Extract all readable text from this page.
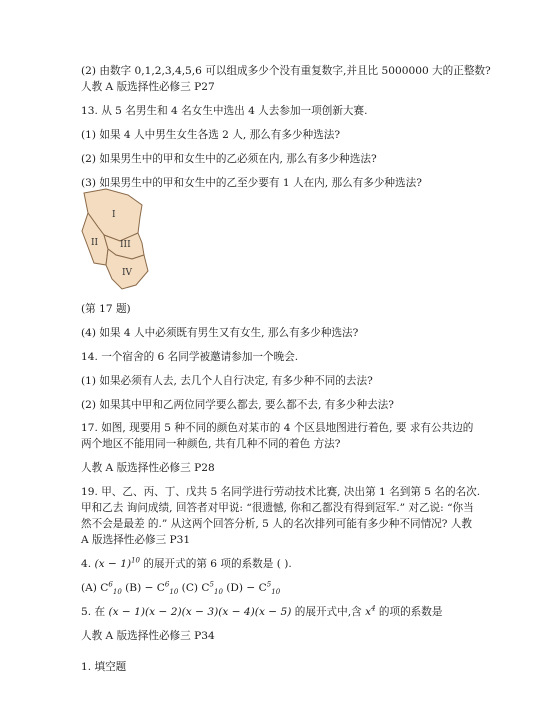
(2) 由数字 0,1,2,3,4,5,6 可以组成多少个没有重复数字,并且比 5000000 大的正整数?
人教 A 版选择性必修三 P27
13. 从 5 名男生和 4 名女生中选出 4 人去参加一项创新大赛.
(1) 如果 4 人中男生女生各选 2 人, 那么有多少种选法?
(2) 如果男生中的甲和女生中的乙必须在内, 那么有多少种选法?
(3) 如果男生中的甲和女生中的乙至少要有 1 人在内, 那么有多少种选法?
I
II III
IV
(第 17 题)
(4) 如果 4 人中必须既有男生又有女生, 那么有多少种选法?
14. 一个宿舍的 6 名同学被邀请参加一个晚会.
(1) 如果必须有人去, 去几个人自行决定, 有多少种不同的去法?
(2) 如果其中甲和乙两位同学要么都去, 要么都不去, 有多少种去法?
17. 如图, 现要用 5 种不同的颜色对某市的 4 个区县地图进行着色, 要 求有公共边的
两个地区不能用同一种颜色, 共有几种不同的着色 方法?
人教 A 版选择性必修三 P28
19. 甲、乙、丙、丁、戊共 5 名同学进行劳动技术比赛, 决出第 1 名到第 5 名的名次.
甲和乙去 询问成绩, 回答者对甲说: “很遗憾, 你和乙都没有得到冠军.” 对乙说: “你当
然不会是最差 的.” 从这两个回答分析, 5 人的名次排列可能有多少种不同情况? 人教
A 版选择性必修三 P31
4. $(x - 1)^{10}$ 的展开式的第 6 项的系数是 ( ).
(A) $C^6_{10}$ $(B) - C^6_{10}$ (C) $C^5_{10}$ $(D) - C^5_{10}$
5. 在 (x − 1)(x − 2)(x − 3)(x − 4)(x − 5) 的展开式中,含 $x^4$ 的项的系数是
人教 A 版选择性必修三 P34
1. 填空题
